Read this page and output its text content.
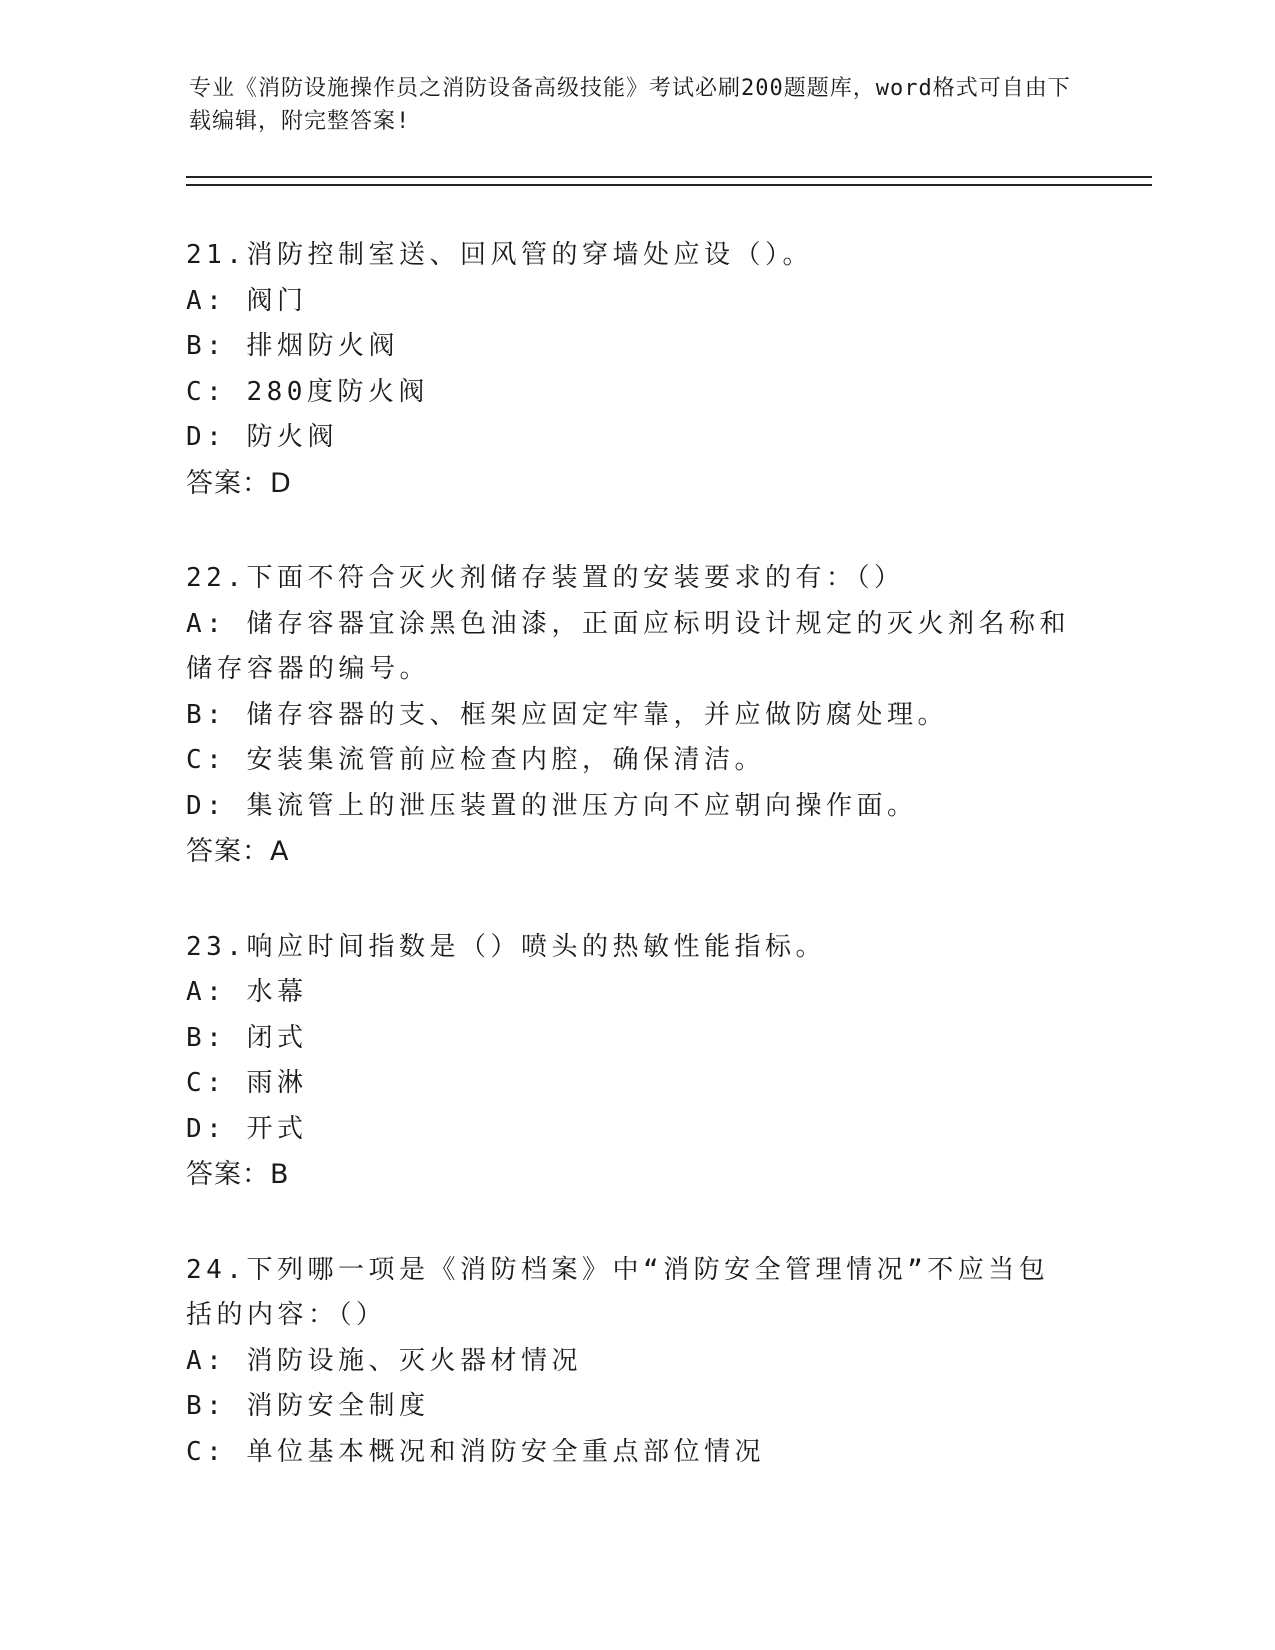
专业《消防设施操作员之消防设备高级技能》考试必刷200题题库，word格式可自由下载编辑，附完整答案!
21.消防控制室送、回风管的穿墙处应设（）。
A: 阀门
B: 排烟防火阀
C: 280度防火阀
D: 防火阀
答案：D
22.下面不符合灭火剂储存装置的安装要求的有：（）
A: 储存容器宜涂黑色油漆，正面应标明设计规定的灭火剂名称和储存容器的编号。
B: 储存容器的支、框架应固定牢靠，并应做防腐处理。
C: 安装集流管前应检查内腔，确保清洁。
D: 集流管上的泄压装置的泄压方向不应朝向操作面。
答案：A
23.响应时间指数是（）喷头的热敏性能指标。
A: 水幕
B: 闭式
C: 雨淋
D: 开式
答案：B
24.下列哪一项是《消防档案》中“消防安全管理情况”不应当包括的内容：（）
A: 消防设施、灭火器材情况
B: 消防安全制度
C: 单位基本概况和消防安全重点部位情况
